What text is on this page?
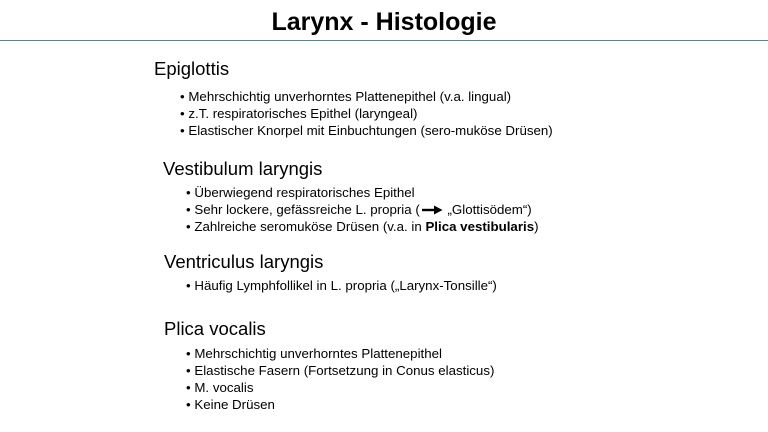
Larynx - Histologie
Epiglottis
• Mehrschichtig unverhorntes Plattenepithel (v.a. lingual)
• z.T. respiratorisches Epithel (laryngeal)
• Elastischer Knorpel mit Einbuchtungen (sero-muköse Drüsen)
Vestibulum laryngis
• Überwiegend respiratorisches Epithel
• Sehr lockere, gefässreiche L. propria ( „Glottisödem“)
• Zahlreiche seromuköse Drüsen (v.a. in Plica vestibularis)
Ventriculus laryngis
• Häufig Lymphfollikel in L. propria („Larynx-Tonsille“)
Plica vocalis
• Mehrschichtig unverhorntes Plattenepithel
• Elastische Fasern (Fortsetzung in Conus elasticus)
• M. vocalis
• Keine Drüsen
